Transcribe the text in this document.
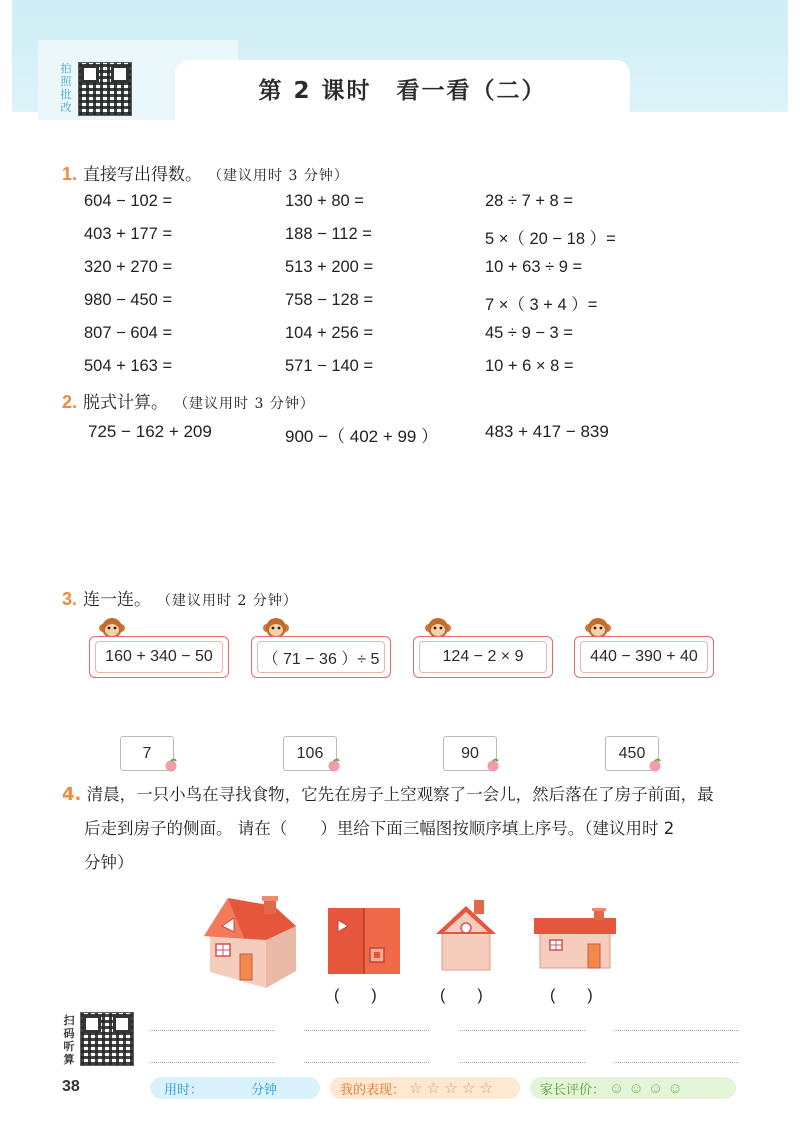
第 2 课时　看一看（二）
拍
照
批
改
1. 直接写出得数。 （建议用时 3 分钟）
604 − 102 =	130 + 80 =	28 ÷ 7 + 8 =
403 + 177 =	188 − 112 =	5 ×（ 20 − 18 ）=
320 + 270 =	513 + 200 =	10 + 63 ÷ 9 =
980 − 450 =	758 − 128 =	7 ×（ 3 + 4 ）=
807 − 604 =	104 + 256 =	45 ÷ 9 − 3 =
504 + 163 =	571 − 140 =	10 + 6 × 8 =
2. 脱式计算。 （建议用时 3 分钟）
725 − 162 + 209	900 −（ 402 + 99 ）	483 + 417 − 839
3. 连一连。 （建议用时 2 分钟）
160 + 340 − 50	（ 71 − 36 ）÷ 5	124 − 2 × 9	440 − 390 + 40
7	106	90	450
4. 清晨，一只小鸟在寻找食物，它先在房子上空观察了一会儿，然后落在了房子前面，最
后走到房子的侧面。 请在（　　）里给下面三幅图按顺序填上序号。（建议用时 2
分钟）
(　　)	(　　)	(　　)
扫
码
听
算
38	用时：	分钟	我的表现： ☆ ☆ ☆ ☆ ☆	家长评价： ☺ ☺ ☺ ☺
